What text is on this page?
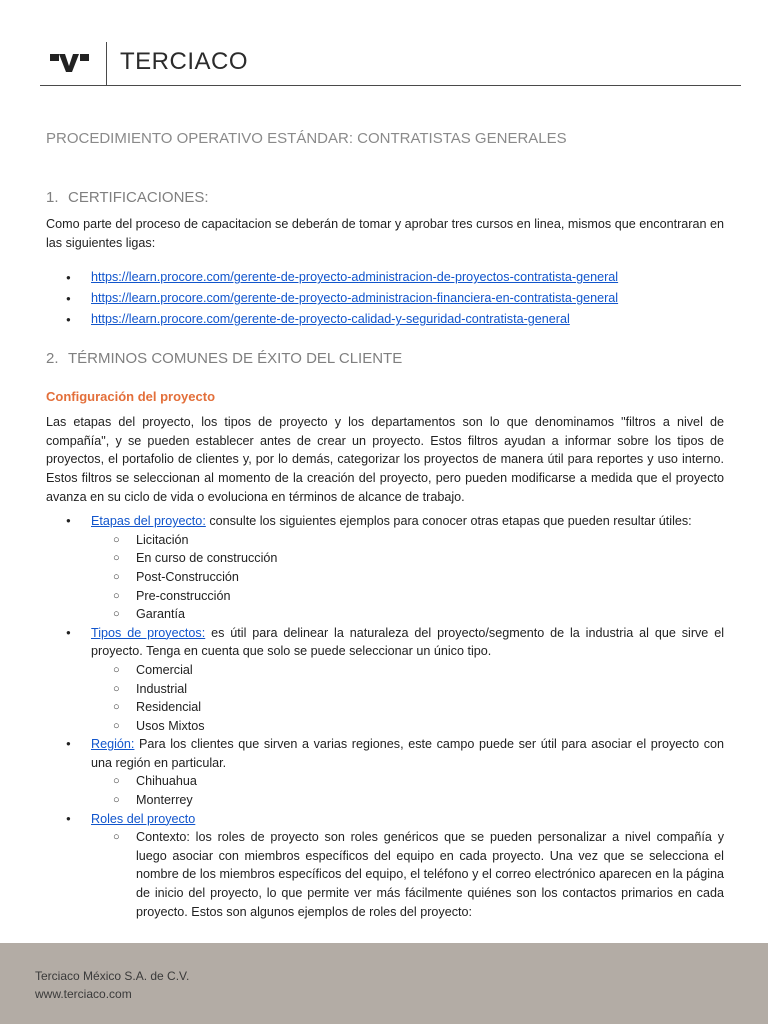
TERCIACO
PROCEDIMIENTO OPERATIVO ESTÁNDAR: CONTRATISTAS GENERALES
1. CERTIFICACIONES:

Como parte del proceso de capacitacion se deberán de tomar y aprobar tres cursos en linea, mismos que encontraran en las siguientes ligas:

● https://learn.procore.com/gerente-de-proyecto-administracion-de-proyectos-contratista-general
● https://learn.procore.com/gerente-de-proyecto-administracion-financiera-en-contratista-general
● https://learn.procore.com/gerente-de-proyecto-calidad-y-seguridad-contratista-general
2. TÉRMINOS COMUNES DE ÉXITO DEL CLIENTE
Configuración del proyecto

Las etapas del proyecto, los tipos de proyecto y los departamentos son lo que denominamos "filtros a nivel de compañía", y se pueden establecer antes de crear un proyecto. Estos filtros ayudan a informar sobre los tipos de proyectos, el portafolio de clientes y, por lo demás, categorizar los proyectos de manera útil para reportes y uso interno. Estos filtros se seleccionan al momento de la creación del proyecto, pero pueden modificarse a medida que el proyecto avanza en su ciclo de vida o evoluciona en términos de alcance de trabajo.

● Etapas del proyecto: consulte los siguientes ejemplos para conocer otras etapas que pueden resultar útiles:
○ Licitación
○ En curso de construcción
○ Post-Construcción
○ Pre-construcción
○ Garantía
● Tipos de proyectos: es útil para delinear la naturaleza del proyecto/segmento de la industria al que sirve el proyecto. Tenga en cuenta que solo se puede seleccionar un único tipo.
○ Comercial
○ Industrial
○ Residencial
○ Usos Mixtos
● Región: Para los clientes que sirven a varias regiones, este campo puede ser útil para asociar el proyecto con una región en particular.
○ Chihuahua
○ Monterrey
● Roles del proyecto
○ Contexto: los roles de proyecto son roles genéricos que se pueden personalizar a nivel compañía y luego asociar con miembros específicos del equipo en cada proyecto. Una vez que se selecciona el nombre de los miembros específicos del equipo, el teléfono y el correo electrónico aparecen en la página de inicio del proyecto, lo que permite ver más fácilmente quiénes son los contactos primarios en cada proyecto. Estos son algunos ejemplos de roles del proyecto:
Terciaco México S.A. de C.V.
www.terciaco.com
